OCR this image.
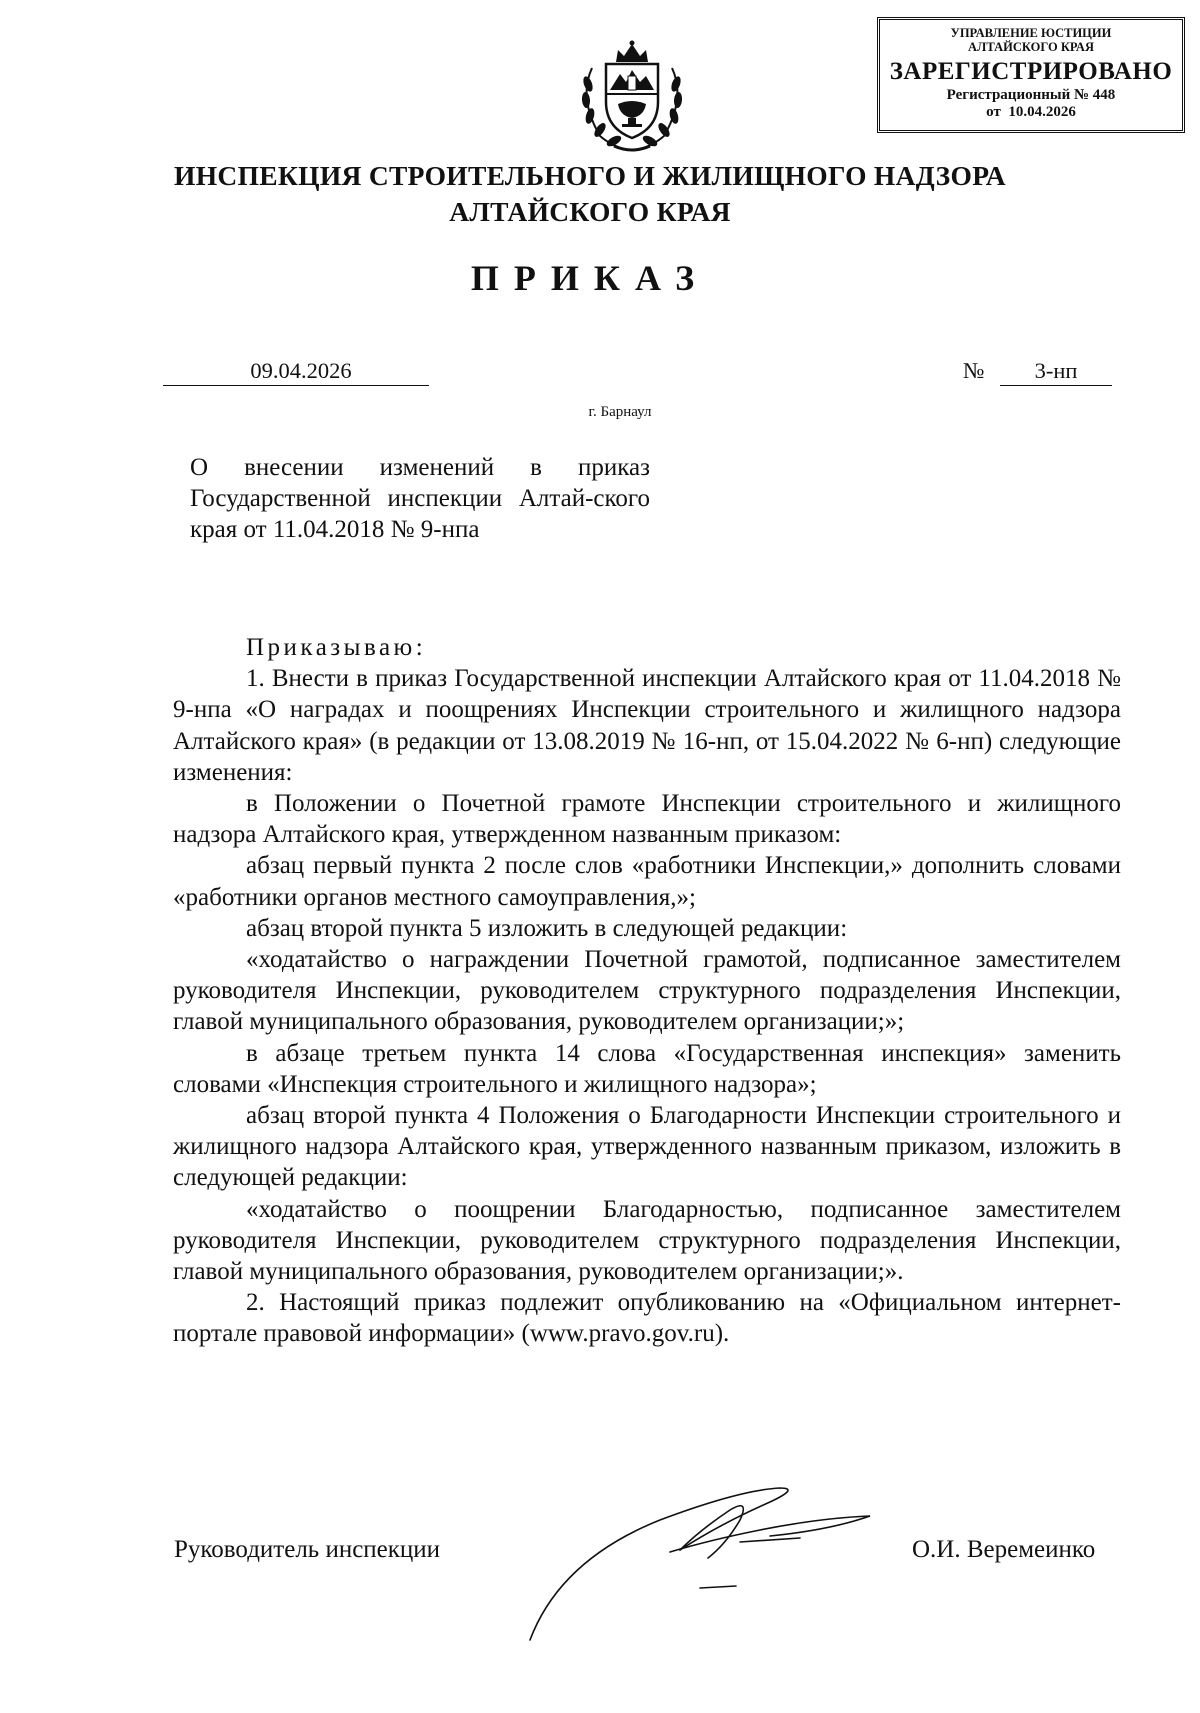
УПРАВЛЕНИЕ ЮСТИЦИИ АЛТАЙСКОГО КРАЯ
ЗАРЕГИСТРИРОВАНО
Регистрационный № 448
от  10.04.2026
ИНСПЕКЦИЯ СТРОИТЕЛЬНОГО И ЖИЛИЩНОГО НАДЗОРА
АЛТАЙСКОГО КРАЯ
ПРИКАЗ
09.04.2026	№	3-нп
г. Барнаул
О внесении изменений в приказ Государственной инспекции Алтай-ского края от 11.04.2018 № 9-нпа

Приказываю:

1. Внести в приказ Государственной инспекции Алтайского края от 11.04.2018 № 9-нпа «О наградах и поощрениях Инспекции строительного и жилищного надзора Алтайского края» (в редакции от 13.08.2019 № 16-нп, от 15.04.2022 № 6-нп) следующие изменения:

в Положении о Почетной грамоте Инспекции строительного и жилищного надзора Алтайского края, утвержденном названным приказом:

абзац первый пункта 2 после слов «работники Инспекции,» дополнить словами «работники органов местного самоуправления,»;

абзац второй пункта 5 изложить в следующей редакции:

«ходатайство о награждении Почетной грамотой, подписанное заместителем руководителя Инспекции, руководителем структурного подразделения Инспекции, главой муниципального образования, руководителем организации;»;

в абзаце третьем пункта 14 слова «Государственная инспекция» заменить словами «Инспекция строительного и жилищного надзора»;

абзац второй пункта 4 Положения о Благодарности Инспекции строительного и жилищного надзора Алтайского края, утвержденного названным приказом, изложить в следующей редакции:

«ходатайство о поощрении Благодарностью, подписанное заместителем руководителя Инспекции, руководителем структурного подразделения Инспекции, главой муниципального образования, руководителем организации;».

2. Настоящий приказ подлежит опубликованию на «Официальном интернет-портале правовой информации» (www.pravo.gov.ru).

Руководитель инспекции	О.И. Веремеинко
